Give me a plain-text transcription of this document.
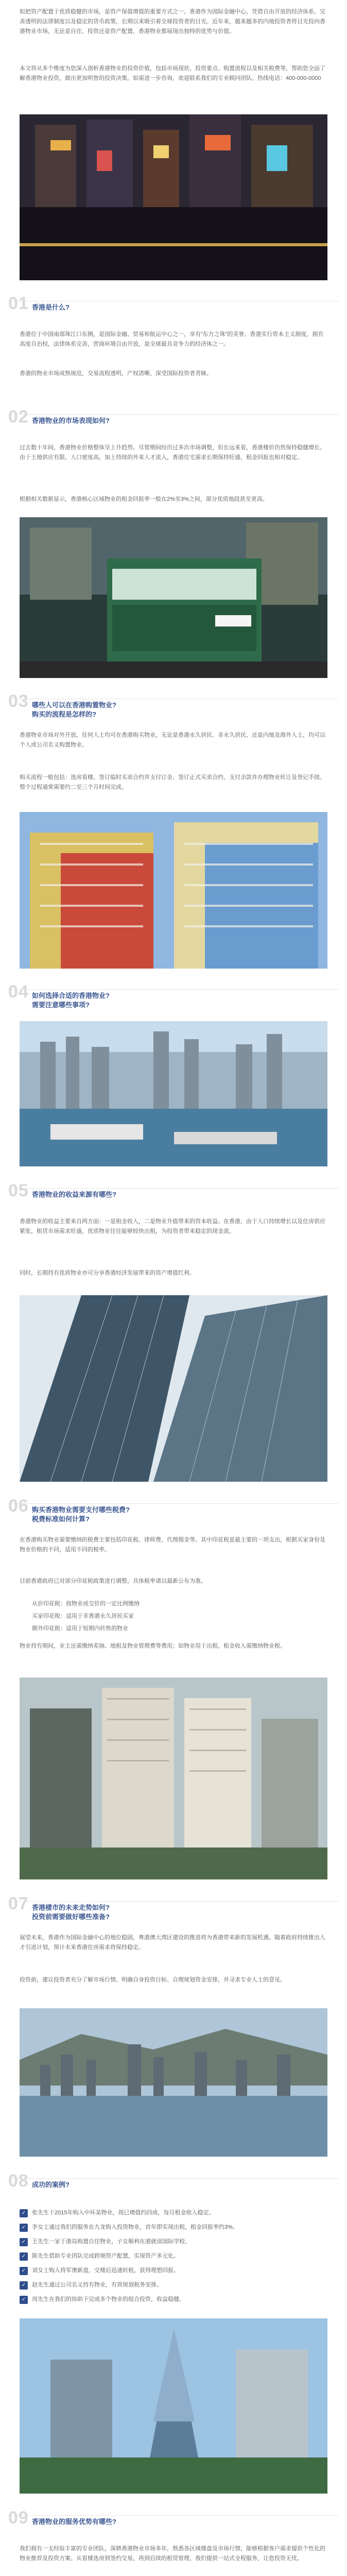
拟把资产配置于优质稳健的市场，是资产保值增值的重要方式之一。香港作为国际金融中心，凭借自由开放的经济体系、完善透明的法律制度以及稳定的货币政策，长期以来吸引着全球投资者的目光。近年来，越来越多的内地投资者将目光投向香港物业市场，无论是自住、投资还是资产配置，香港物业都展现出独特的优势与价值。

本文将从多个维度为您深入剖析香港物业的投资价值，包括市场现状、投资要点、购置流程以及相关税费等，帮助您全面了解香港物业投资，做出更加明智的投资决策。如需进一步咨询，欢迎联系我们的专业顾问团队。热线电话：400-000-0000

01 香港是什么?

香港位于中国南部珠江口东侧，是国际金融、贸易和航运中心之一，享有“东方之珠”的美誉。香港实行资本主义制度，拥有高度自治权，法律体系完善，营商环境自由开放，是全球最具竞争力的经济体之一。

香港的物业市场成熟规范，交易流程透明，产权清晰，深受国际投资者青睐。

02 香港物业的市场表现如何?

过去数十年间，香港物业价格整体呈上升趋势。尽管期间经历过多次市场调整，但长远来看，香港楼价仍然保持稳健增长。由于土地供应有限、人口密度高，加上持续的外来人才流入，香港住宅需求长期保持旺盛，租金回报也相对稳定。

根据相关数据显示，香港核心区域物业的租金回报率一般在2%至3%之间，部分优质地段甚至更高。

03 哪些人可以在香港购置物业?
购买的流程是怎样的?

香港物业市场对外开放，任何人士均可在香港购买物业，无论是香港永久居民、非永久居民，还是内地及海外人士，均可以个人或公司名义购置物业。

购买流程一般包括：选房看楼、签订临时买卖合约并支付订金、签订正式买卖合约、支付余款并办理物业转让及登记手续。整个过程通常需要约二至三个月时间完成。

04 如何选择合适的香港物业?
需要注意哪些事项?
05 香港物业的收益来源有哪些?

香港物业的收益主要来自两方面：一是租金收入，二是物业升值带来的资本收益。在香港，由于人口持续增长以及住房供应紧张，租赁市场需求旺盛，优质物业往往能够较快出租，为投资者带来稳定的现金流。

同时，长期持有优质物业亦可分享香港经济发展带来的资产增值红利。

06 购买香港物业需要支付哪些税费?
税费标准如何计算?

在香港购买物业需要缴纳的税费主要包括印花税、律师费、代理佣金等。其中印花税是最主要的一项支出，根据买家身份及物业价格的不同，适用不同的税率。

目前香港政府已对部分印花税政策进行调整，具体税率请以最新公布为准。

从价印花税：按物业成交价的一定比例缴纳
买家印花税：适用于非香港永久居民买家
额外印花税：适用于短期内转售的物业

物业持有期间，业主还需缴纳差饷、地租及物业管理费等费用；如物业用于出租，租金收入需缴纳物业税。

07 香港楼市的未来走势如何?
投资前需要做好哪些准备?

展望未来，香港作为国际金融中心的地位稳固，粤港澳大湾区建设的推进将为香港带来新的发展机遇。随着政府持续推出人才引进计划，预计未来香港住房需求将保持稳定。

投资前，建议投资者充分了解市场行情、明确自身投资目标、合理规划资金安排，并寻求专业人士的意见。

08 成功的案例?
✓	张先生于2015年购入中环某物业，现已增值约四成，每月租金收入稳定。
✓	李女士通过我们的服务在九龙购入投资物业，首年即实现出租，租金回报率约3%。
✓	王先生一家于港岛购置自住物业，子女顺利在港就读国际学校。
✓	陈先生借助专业团队完成跨境资产配置，实现资产多元化。
✓	刘女士购入将军澳新盘，交楼后迅速转租，获得理想回报。
✓	赵先生通过公司名义持有物业，有效规划税务安排。
✓	周先生在我们的协助下完成多个物业的组合投资，收益稳健。
09 香港物业的服务优势有哪些?

我们拥有一支经验丰富的专业团队，深耕香港物业市场多年，熟悉各区域楼盘及市场行情，能够根据客户需求提供个性化的物业推荐及投资方案。从看楼选房到签约交易，再到后续的租赁管理，我们提供一站式全程服务，让您投资无忧。
